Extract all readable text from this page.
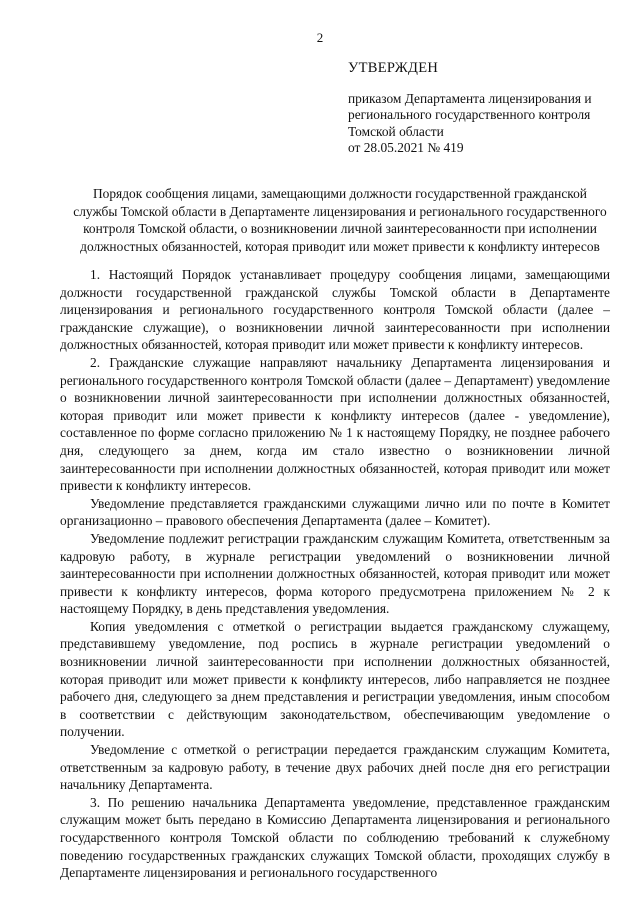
2
УТВЕРЖДЕН
приказом Департамента лицензирования и
регионального государственного контроля
Томской области
от 28.05.2021 № 419
Порядок сообщения лицами, замещающими должности государственной гражданской
службы Томской области в Департаменте лицензирования и регионального государственного
контроля Томской области, о возникновении личной заинтересованности при исполнении
должностных обязанностей, которая приводит или может привести к конфликту интересов

1. Настоящий Порядок устанавливает процедуру сообщения лицами, замещающими должности государственной гражданской службы Томской области в Департаменте лицензирования и регионального государственного контроля Томской области (далее – гражданские служащие), о возникновении личной заинтересованности при исполнении должностных обязанностей, которая приводит или может привести к конфликту интересов.

2. Гражданские служащие направляют начальнику Департамента лицензирования и регионального государственного контроля Томской области (далее – Департамент) уведомление о возникновении личной заинтересованности при исполнении должностных обязанностей, которая приводит или может привести к конфликту интересов (далее - уведомление), составленное по форме согласно приложению № 1 к настоящему Порядку, не позднее рабочего дня, следующего за днем, когда им стало известно о возникновении личной заинтересованности при исполнении должностных обязанностей, которая приводит или может привести к конфликту интересов.

Уведомление представляется гражданскими служащими лично или по почте в Комитет организационно – правового обеспечения Департамента (далее – Комитет).

Уведомление подлежит регистрации гражданским служащим Комитета, ответственным за кадровую работу, в журнале регистрации уведомлений о возникновении личной заинтересованности при исполнении должностных обязанностей, которая приводит или может привести к конфликту интересов, форма которого предусмотрена приложением № 2 к настоящему Порядку, в день представления уведомления.

Копия уведомления с отметкой о регистрации выдается гражданскому служащему, представившему уведомление, под роспись в журнале регистрации уведомлений о возникновении личной заинтересованности при исполнении должностных обязанностей, которая приводит или может привести к конфликту интересов, либо направляется не позднее рабочего дня, следующего за днем представления и регистрации уведомления, иным способом в соответствии с действующим законодательством, обеспечивающим уведомление о получении.

Уведомление с отметкой о регистрации передается гражданским служащим Комитета, ответственным за кадровую работу, в течение двух рабочих дней после дня его регистрации начальнику Департамента.

3. По решению начальника Департамента уведомление, представленное гражданским служащим может быть передано в Комиссию Департамента лицензирования и регионального государственного контроля Томской области по соблюдению требований к служебному поведению государственных гражданских служащих Томской области, проходящих службу в Департаменте лицензирования и регионального государственного
